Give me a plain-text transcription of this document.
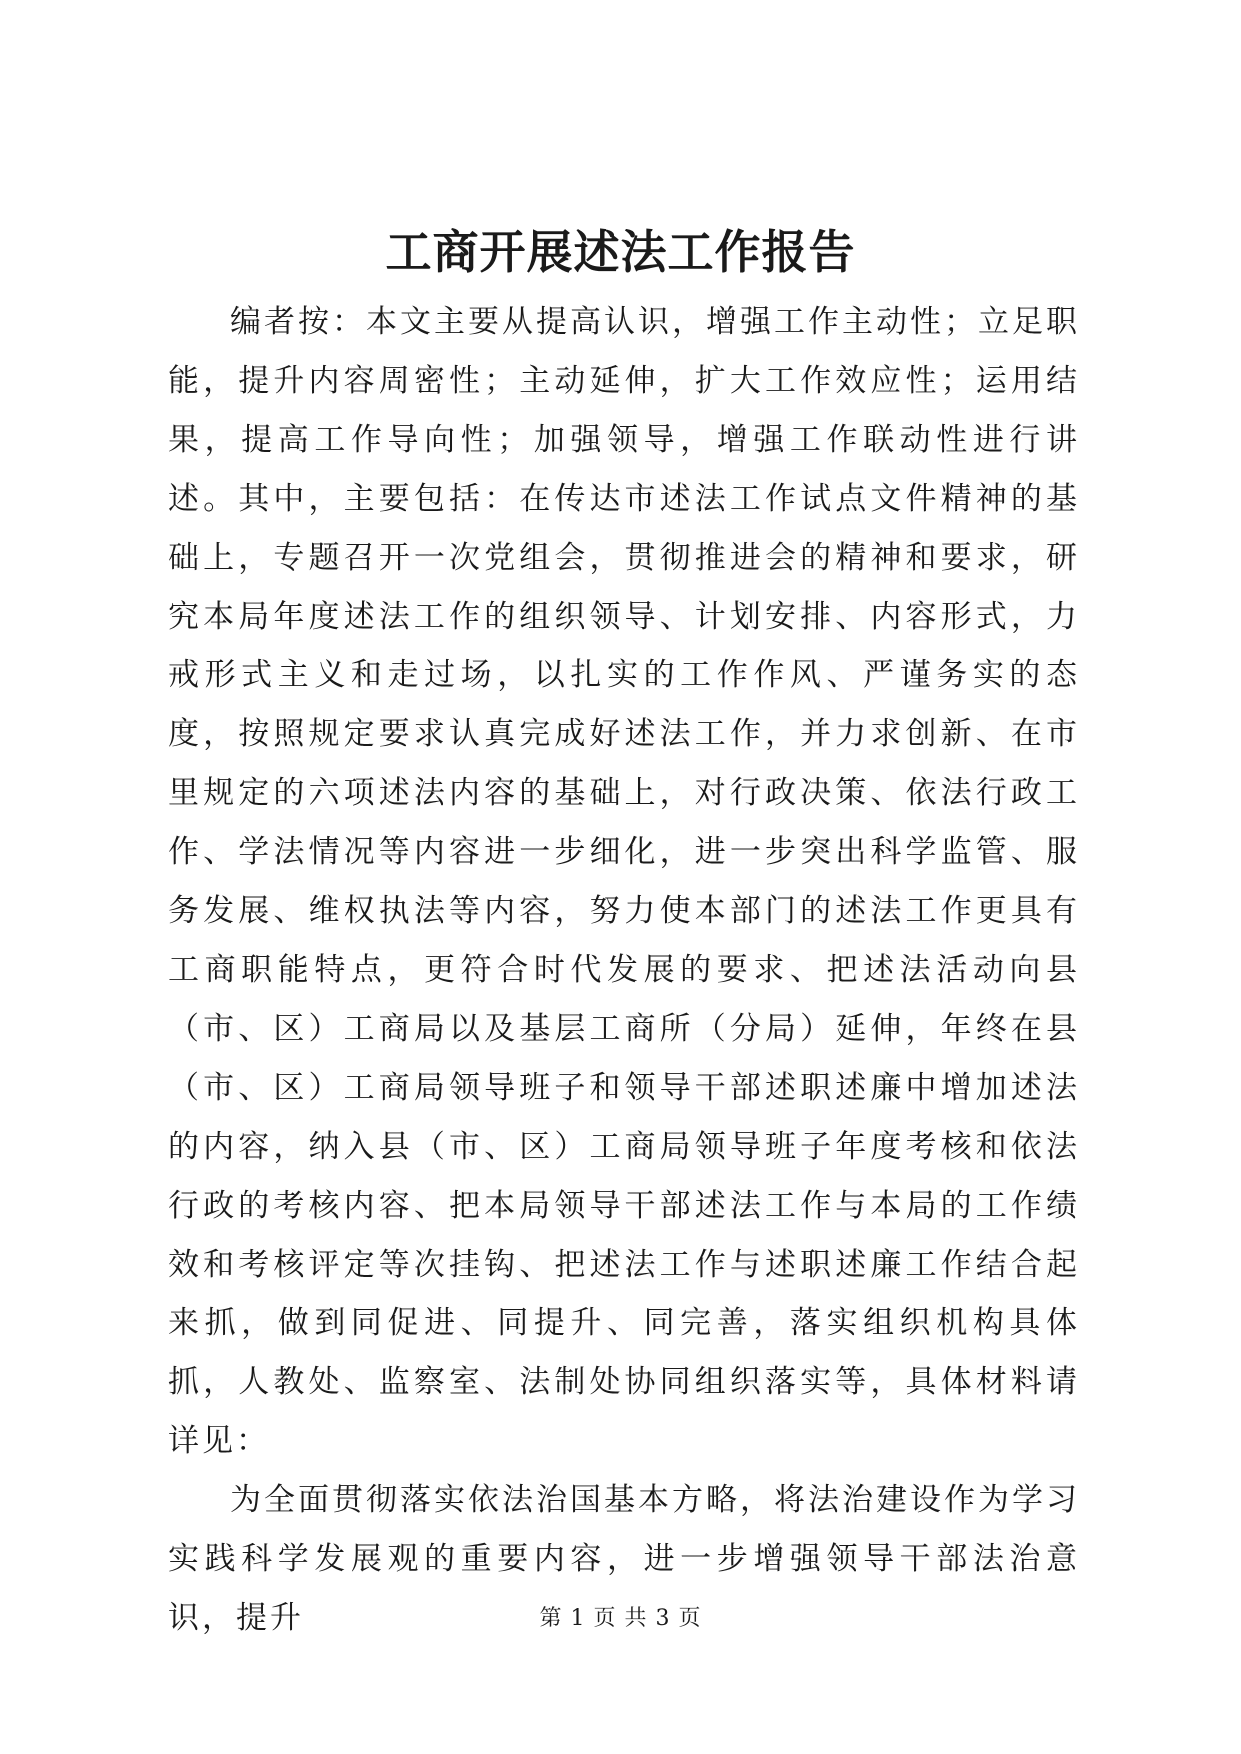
工商开展述法工作报告

编者按：本文主要从提高认识，增强工作主动性；立足职能，提升内容周密性；主动延伸，扩大工作效应性；运用结果，提高工作导向性；加强领导，增强工作联动性进行讲述。其中，主要包括：在传达市述法工作试点文件精神的基础上，专题召开一次党组会，贯彻推进会的精神和要求，研究本局年度述法工作的组织领导、计划安排、内容形式，力戒形式主义和走过场，以扎实的工作作风、严谨务实的态度，按照规定要求认真完成好述法工作，并力求创新、在市里规定的六项述法内容的基础上，对行政决策、依法行政工作、学法情况等内容进一步细化，进一步突出科学监管、服务发展、维权执法等内容，努力使本部门的述法工作更具有工商职能特点，更符合时代发展的要求、把述法活动向县（市、区）工商局以及基层工商所（分局）延伸，年终在县（市、区）工商局领导班子和领导干部述职述廉中增加述法的内容，纳入县（市、区）工商局领导班子年度考核和依法行政的考核内容、把本局领导干部述法工作与本局的工作绩效和考核评定等次挂钩、把述法工作与述职述廉工作结合起来抓，做到同促进、同提升、同完善，落实组织机构具体抓，人教处、监察室、法制处协同组织落实等，具体材料请详见：

为全面贯彻落实依法治国基本方略，将法治建设作为学习实践科学发展观的重要内容，进一步增强领导干部法治意识，提升	第 1 页 共 3 页
